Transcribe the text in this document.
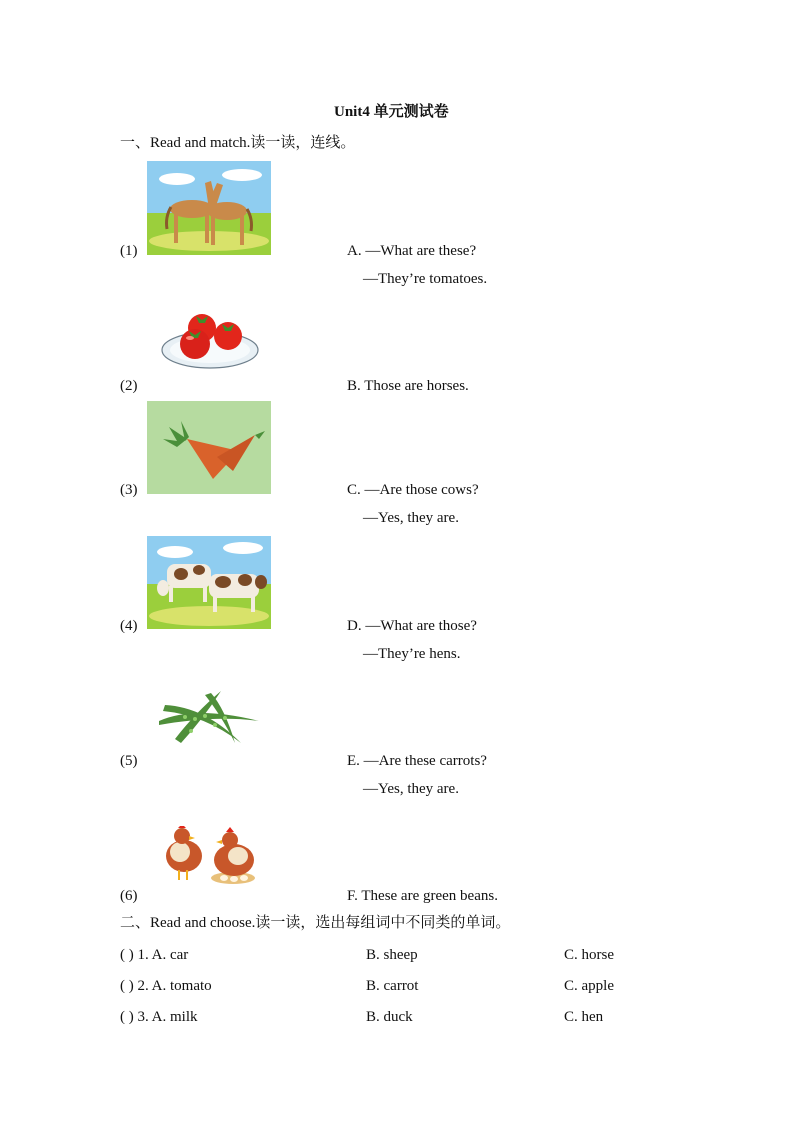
Unit4 单元测试卷
一、Read and match.读一读，连线。
(1)	A. —What are these?
—They’re tomatoes.
(2)	B. Those are horses.
(3)	C. —Are those cows?
—Yes, they are.
(4)	D. —What are those?
—They’re hens.
(5)	E. —Are these carrots?
—Yes, they are.
(6)	F. These are green beans.
二、Read and choose.读一读，选出每组词中不同类的单词。
( ) 1. A. car	B. sheep	C. horse
( ) 2. A. tomato	B. carrot	C. apple
( ) 3. A. milk	B. duck	C. hen
